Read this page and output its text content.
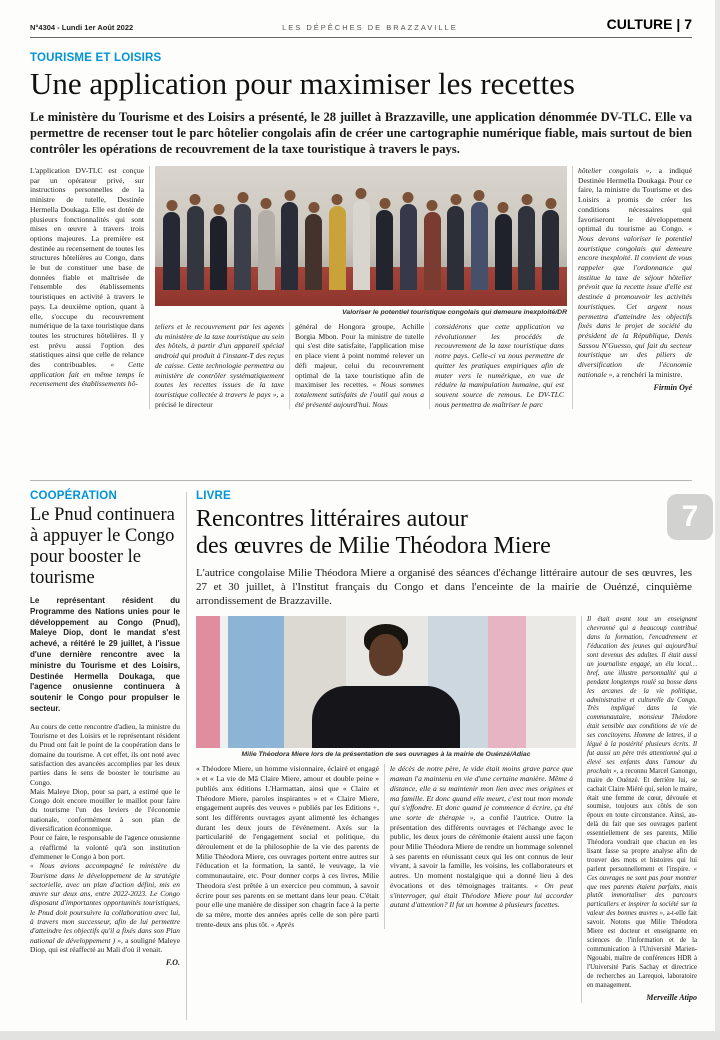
N°4304 - Lundi 1er Août 2022	LES DÉPÊCHES DE BRAZZAVILLE	CULTURE | 7
TOURISME ET LOISIRS
Une application pour maximiser les recettes

Le ministère du Tourisme et des Loisirs a présenté, le 28 juillet à Brazzaville, une application dénommée DV-TLC. Elle va permettre de recenser tout le parc hôtelier congolais afin de créer une cartographie numérique fiable, mais surtout de bien contrôler les opérations de recouvrement de la taxe touristique à travers le pays.

L'application DV-TLC est conçue par un opérateur privé, sur instructions personnelles de la ministre de tutelle, Destinée Hermella Doukaga. Elle est dotée de plusieurs fonctionnalités qui sont mises en œuvre à travers trois options majeures. La première est destinée au recensement de toutes les structures hôtelières au Congo, dans le but de constituer une base de données fiable et maîtrisée de l'ensemble des établissements touristiques en activité à travers le pays. La deuxième option, quant à elle, s'occupe du recouvrement numérique de la taxe touristique dans toutes les structures hôtelières. Il y est prévu aussi l'option des statistiques ainsi que celle de relance des contribuables. « Cette application fait en même temps le recensement des établissements hô-
Valoriser le potentiel touristique congolais qui demeure inexploité/DR
teliers et le recouvrement par les agents du ministère de la taxe touristique au sein des hôtels, à partir d'un appareil spécial android qui produit à l'instant-T des reçus de caisse. Cette technologie permettra au ministère de contrôler systématiquement toutes les recettes issues de la taxe touristique collectée à travers le pays », a précisé le directeur
général de Hongora groupe, Achille Borgia Mbon. Pour la ministre de tutelle qui s'est dite satisfaite, l'application mise en place vient à point nommé relever un défi majeur, celui du recouvrement optimal de la taxe touristique afin de maximiser les recettes. « Nous sommes totalement satisfaits de l'outil qui nous a été présenté aujourd'hui. Nous
considérons que cette application va révolutionner les procédés de recouvrement de la taxe touristique dans notre pays. Celle-ci va nous permettre de quitter les pratiques empiriques afin de muter vers le numérique, en vue de réduire la manipulation humaine, qui est souvent source de remous. Le DV-TLC nous permettra de maîtriser le parc
hôtelier congolais », a indiqué Destinée Hermella Doukaga. Pour ce faire, la ministre du Tourisme et des Loisirs a promis de créer les conditions nécessaires qui favoriseront le développement optimal du tourisme au Congo. « Nous devons valoriser le potentiel touristique congolais qui demeure encore inexploité. Il convient de vous rappeler que l'ordonnance qui institue la taxe de séjour hôtelier prévoit que la recette issue d'elle est destinée à promouvoir les activités touristiques. Cet argent nous permettra d'atteindre les objectifs fixés dans le projet de société du président de la République, Denis Sassou N'Guesso, qui fait du secteur touristique un des piliers de diversification de l'économie nationale », a renchéri la ministre.
Firmin Oyé
COOPÉRATION
Le Pnud continuera à appuyer le Congo pour booster le tourisme

Le représentant résident du Programme des Nations unies pour le développement au Congo (Pnud), Maleye Diop, dont le mandat s'est achevé, a réitéré le 29 juillet, à l'issue d'une dernière rencontre avec la ministre du Tourisme et des Loisirs, Destinée Hermella Doukaga, que l'agence onusienne continuera à soutenir le Congo pour propulser le secteur.

Au cours de cette rencontre d'adieu, la ministre du Tourisme et des Loisirs et le représentant résident du Pnud ont fait le point de la coopération dans le domaine du tourisme. A cet effet, ils ont noté avec satisfaction des avancées accomplies par les deux parties dans le sens de booster le tourisme au Congo.

Mais Maleye Diop, pour sa part, a estimé que le Congo doit encore mouiller le maillot pour faire du tourisme l'un des leviers de l'économie nationale, conformément à son plan de diversification économique.

Pour ce faire, le responsable de l'agence onusienne a réaffirmé la volonté qu'à son institution d'emmener le Congo à bon port.

« Nous avions accompagné le ministère du Tourisme dans le développement de la stratégie sectorielle, avec un plan d'action défini, mis en œuvre sur deux ans, entre 2022-2023. Le Congo disposant d'importantes opportunités touristiques, le Pnud doit poursuivre la collaboration avec lui, à travers mon successeur, afin de lui permettre d'atteindre les objectifs qu'il a fixés dans son Plan national de développement ) », a souligné Maleye Diop, qui est réaffecté au Mali d'où il venait.

F.O.
LIVRE
Rencontres littéraires autour
des œuvres de Milie Théodora Miere

L'autrice congolaise Milie Théodora Miere a organisé des séances d'échange littéraire autour de ses œuvres, les 27 et 30 juillet, à l'Institut français du Congo et dans l'enceinte de la mairie de Ouénzé, cinquième arrondissement de Brazzaville.

Milie Théodora Miere lors de la présentation de ses ouvrages à la mairie de Ouénzé/Adiac
« Théodore Miere, un homme visionnaire, éclairé et engagé » et « La vie de Mâ Claire Miere, amour et double peine » publiés aux éditions L'Harmattan, ainsi que « Claire et Théodore Miere, paroles inspirantes » et « Claire Miere, engagement auprès des veuves » publiés par les Editions +, sont les différents ouvrages ayant alimenté les échanges durant les deux jours de l'événement. Axés sur la particularité de l'engagement social et politique, du déroulement et de la philosophie de la vie des parents de Milie Théodora Miere, ces ouvrages portent entre autres sur l'éducation et la formation, la santé, le veuvage, la vie communautaire, etc. Pour donner corps à ces livres, Milie Theodora s'est prêtée à un exercice peu commun, à savoir écrire pour ses parents en se mettant dans leur peau. C'était pour elle une manière de dissiper son chagrin face à la perte de sa mère, morte des années après celle de son père parti trente-deux ans plus tôt. « Après
le décès de notre père, le vide était moins grave parce que maman l'a maintenu en vie d'une certaine manière. Même à distance, elle a su maintenir mon lien avec mes origines et ma famille. Et donc quand elle meurt, c'est tout mon monde qui s'effondre. Et donc quand je commence à écrire, ça été une sorte de thérapie », a confié l'autrice. Outre la présentation des différents ouvrages et l'échange avec le public, les deux jours de cérémonie étaient aussi une façon pour Milie Théodora Miere de rendre un hommage solennel à ses parents en réunissant ceux qui les ont connus de leur vivant, à savoir la famille, les voisins, les collaborateurs et autres. Un moment nostalgique qui a donné lieu à des évocations et des témoignages traitants. « On peut s'interroger, qui était Théodore Miere pour lui accorder autant d'attention? Il fut un homme à plusieurs facettes.
Il était avant tout un enseignant chevronné qui a beaucoup contribué dans la formation, l'encadrement et l'éducation des jeunes qui aujourd'hui sont devenus des adultes. Il était aussi un journaliste engagé, un élu local… bref, une illustre personnalité qui a pendant longtemps roulé sa bosse dans les arcanes de la vie politique, administrative et culturelle du Congo. Très impliqué dans la vie communautaire, monsieur Théodore était sensible aux conditions de vie de ses concitoyens. Homme de lettres, il a légué à la postérité plusieurs écrits. Il fut aussi un père très attentionné qui a élevé ses enfants dans l'amour du prochain », a reconnu Marcel Ganongo, maire de Ouénzé. Et derrière lui, se cachait Claire Miéré qui, selon le maire, était une femme de cœur, dévouée et soumise, toujours aux côtés de son époux en toute circonstance. Ainsi, au-delà du fait que ses ouvrages parlent essentiellement de ses parents, Milie Théodora voudrait que chacun en les lisant fasse sa propre analyse afin de trouver des mots et histoires qui lui parlent personnellement et l'inspire. « Ces ouvrages ne sont pas pour montrer que mes parents étaient parfaits, mais plutôt immortaliser des parcours particuliers et inspirer la société sur la valeur des bonnes œuvres », a-t-elle fait savoir. Notons que Milie Théodora Miere est docteur et enseignante en sciences de l'information et de la communication à l'Université Marien-Ngouabi, maître de conférences HDR à l'Université Paris Sachay et directrice de recherches au Larequoi, laboratoire en management.
Merveille Atipo
7
